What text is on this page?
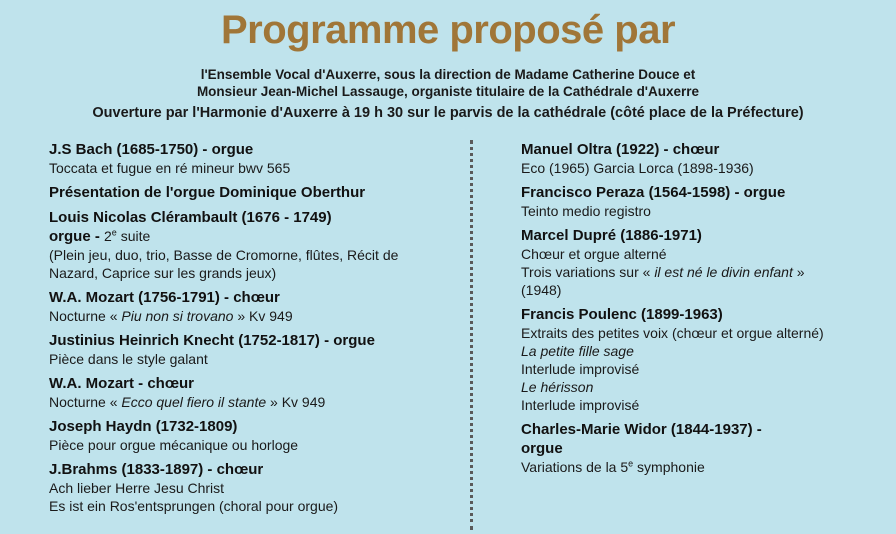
Programme proposé par
l'Ensemble Vocal d'Auxerre, sous la direction de Madame Catherine Douce et
Monsieur Jean-Michel Lassauge, organiste titulaire de la Cathédrale d'Auxerre
Ouverture par l'Harmonie d'Auxerre à 19 h 30 sur le parvis de la cathédrale (côté place de la Préfecture)
J.S Bach (1685-1750) - orgue
Toccata et fugue en ré mineur bwv 565
Présentation de l'orgue Dominique Oberthur
Louis Nicolas Clérambault (1676 - 1749)
orgue - 2e suite
(Plein jeu, duo, trio, Basse de Cromorne, flûtes, Récit de
Nazard, Caprice sur les grands jeux)
W.A. Mozart (1756-1791) - chœur
Nocturne « Piu non si trovano » Kv 949
Justinius Heinrich Knecht (1752-1817) - orgue
Pièce dans le style galant
W.A. Mozart - chœur
Nocturne « Ecco quel fiero il stante » Kv 949
Joseph Haydn (1732-1809)
Pièce pour orgue mécanique ou horloge
J.Brahms (1833-1897) - chœur
Ach lieber Herre Jesu Christ
Es ist ein Ros'entsprungen (choral pour orgue)
Manuel Oltra (1922) - chœur
Eco (1965) Garcia Lorca (1898-1936)
Francisco Peraza (1564-1598) - orgue
Teinto medio registro
Marcel Dupré (1886-1971)
Chœur et orgue alterné
Trois variations sur « il est né le divin enfant »
(1948)
Francis Poulenc (1899-1963)
Extraits des petites voix (chœur et orgue alterné)
La petite fille sage
Interlude improvisé
Le hérisson
Interlude improvisé
Charles-Marie Widor (1844-1937) -
orgue
Variations de la 5e symphonie
